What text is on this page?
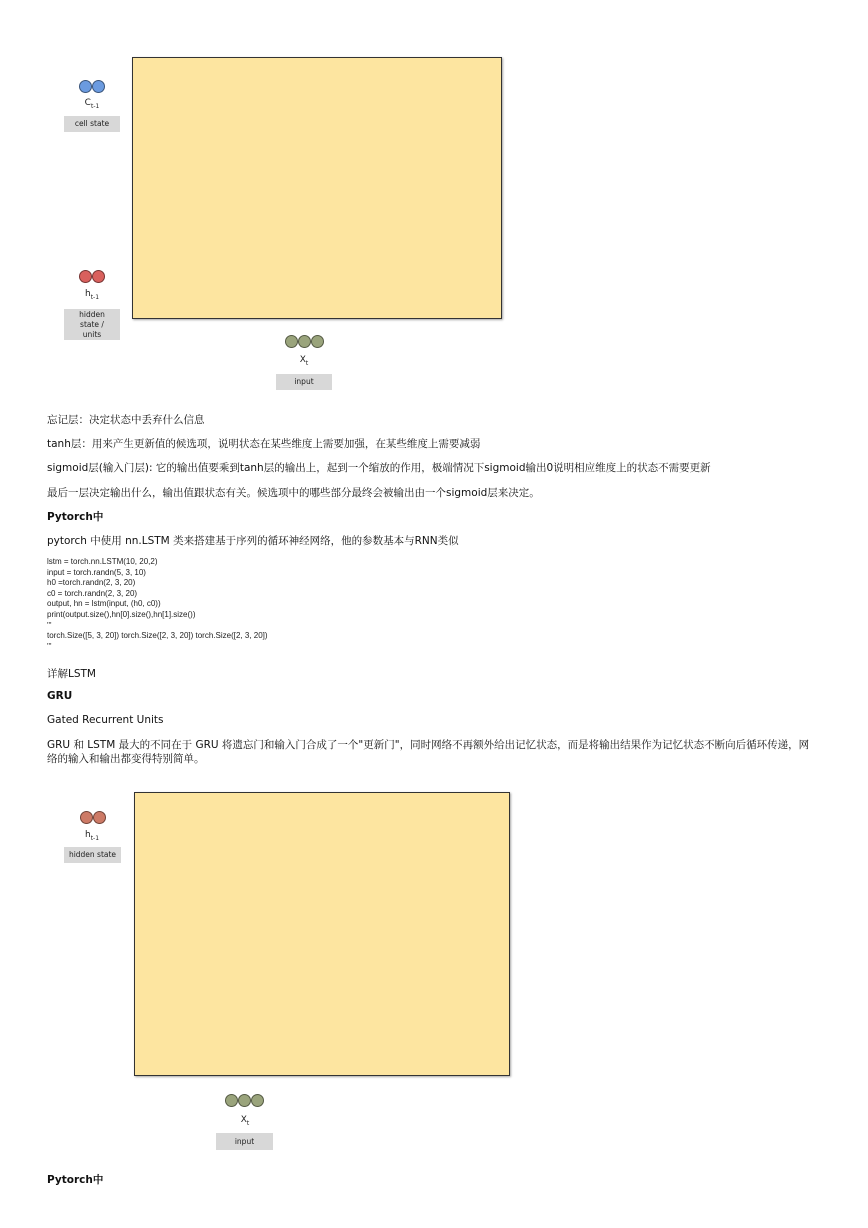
$C_{t-1}$
cell state
$h_{t-1}$
hidden state / units
$X_t$
input
忘记层：决定状态中丢弃什么信息
tanh层：用来产生更新值的候选项，说明状态在某些维度上需要加强，在某些维度上需要减弱
sigmoid层(输入门层): 它的输出值要乘到tanh层的输出上，起到一个缩放的作用，极端情况下sigmoid输出0说明相应维度上的状态不需要更新
最后一层决定输出什么，输出值跟状态有关。候选项中的哪些部分最终会被输出由一个sigmoid层来决定。
Pytorch中
pytorch 中使用 nn.LSTM 类来搭建基于序列的循环神经网络，他的参数基本与RNN类似
lstm = torch.nn.LSTM(10, 20,2)
input = torch.randn(5, 3, 10)
h0 =torch.randn(2, 3, 20)
c0 = torch.randn(2, 3, 20)
output, hn = lstm(input, (h0, c0))
print(output.size(),hn[0].size(),hn[1].size())
'''
torch.Size([5, 3, 20]) torch.Size([2, 3, 20]) torch.Size([2, 3, 20])
'''
详解LSTM
GRU
Gated Recurrent Units
GRU 和 LSTM 最大的不同在于 GRU 将遗忘门和输入门合成了一个"更新门"，同时网络不再额外给出记忆状态，而是将输出结果作为记忆状态不断向后循环传递，网络的输入和输出都变得特别简单。
$h_{t-1}$
hidden state
$X_t$
input
Pytorch中
